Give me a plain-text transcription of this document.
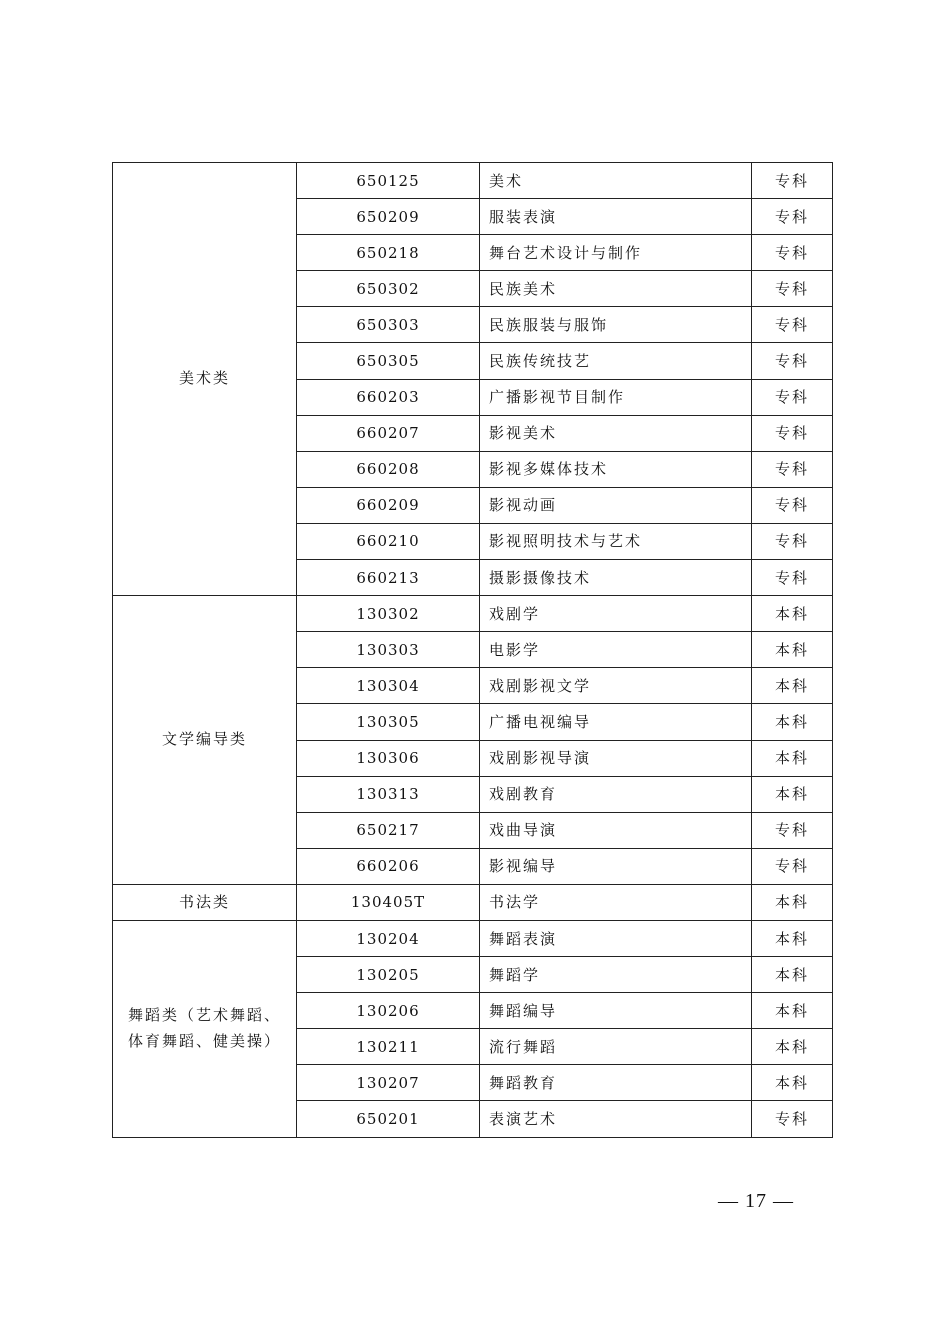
美术类	650125	美术	专科
	650209	服装表演	专科
	650218	舞台艺术设计与制作	专科
	650302	民族美术	专科
	650303	民族服装与服饰	专科
	650305	民族传统技艺	专科
	660203	广播影视节目制作	专科
	660207	影视美术	专科
	660208	影视多媒体技术	专科
	660209	影视动画	专科
	660210	影视照明技术与艺术	专科
	660213	摄影摄像技术	专科
文学编导类	130302	戏剧学	本科
	130303	电影学	本科
	130304	戏剧影视文学	本科
	130305	广播电视编导	本科
	130306	戏剧影视导演	本科
	130313	戏剧教育	本科
	650217	戏曲导演	专科
	660206	影视编导	专科
书法类	130405T	书法学	本科
舞蹈类（艺术舞蹈、体育舞蹈、健美操）	130204	舞蹈表演	本科
	130205	舞蹈学	本科
	130206	舞蹈编导	本科
	130211	流行舞蹈	本科
	130207	舞蹈教育	本科
	650201	表演艺术	专科
— 17 —
